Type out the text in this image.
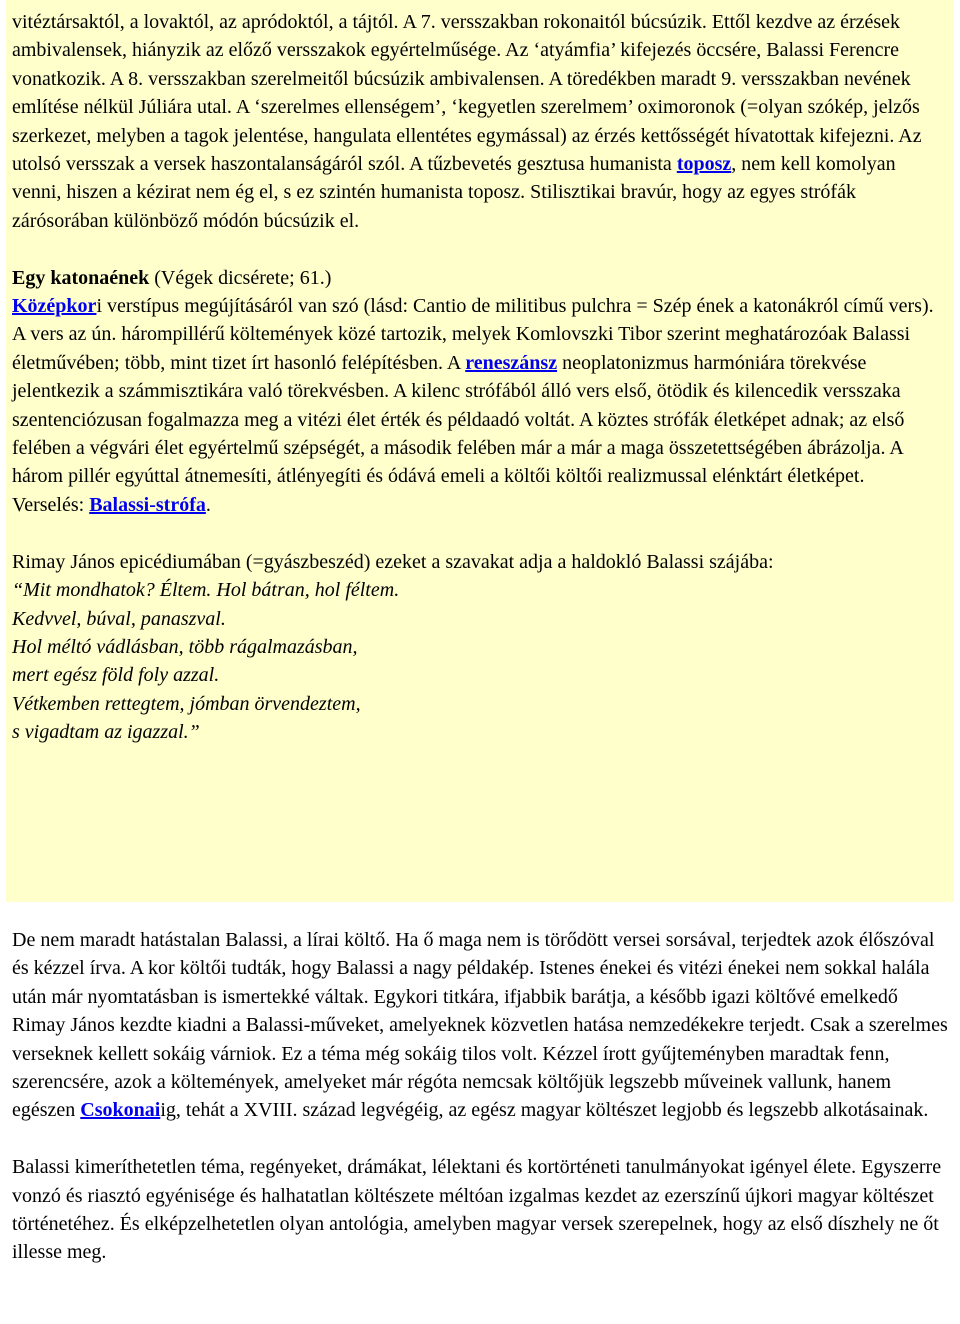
vitéztársaktól, a lovaktól, az apródoktól, a tájtól. A 7. versszakban rokonaitól búcsúzik. Ettől kezdve az érzések ambivalensek, hiányzik az előző versszakok egyértelműsége. Az ‘atyámfia’ kifejezés öccsére, Balassi Ferencre vonatkozik. A 8. versszakban szerelmeitől búcsúzik ambivalensen. A töredékben maradt 9. versszakban nevének említése nélkül Júliára utal. A ‘szerelmes ellenségem’, ‘kegyetlen szerelmem’ oximoronok (=olyan szókép, jelzős szerkezet, melyben a tagok jelentése, hangulata ellentétes egymással) az érzés kettősségét hívatottak kifejezni. Az utolsó versszak a versek haszontalanságáról szól. A tűzbevetés gesztusa humanista toposz, nem kell komolyan venni, hiszen a kézirat nem ég el, s ez szintén humanista toposz. Stilisztikai bravúr, hogy az egyes strófák zárósorában különböző módón búcsúzik el.

Egy katonaének (Végek dicsérete; 61.)

Középkori verstípus megújításáról van szó (lásd: Cantio de militibus pulchra = Szép ének a katonákról című vers). A vers az ún. hárompillérű költemények közé tartozik, melyek Komlovszki Tibor szerint meghatározóak Balassi életművében; több, mint tizet írt hasonló felépítésben. A reneszánsz neoplatonizmus harmóniára törekvése jelentkezik a számmisztikára való törekvésben. A kilenc strófából álló vers első, ötödik és kilencedik versszaka szentenciózusan fogalmazza meg a vitézi élet érték és példaadó voltát. A köztes strófák életképet adnak; az első felében a végvári élet egyértelmű szépségét, a második felében már a már a maga összetettségében ábrázolja. A három pillér egyúttal átnemesíti, átlényegíti és ódává emeli a költői költői realizmussal elénktárt életképet.

Verselés: Balassi-strófa.

Rimay János epicédiumában (=gyászbeszéd) ezeket a szavakat adja a haldokló Balassi szájába:

“Mit mondhatok? Éltem. Hol bátran, hol féltem.

Kedvvel, búval, panaszval.

Hol méltó vádlásban, több rágalmazásban,

mert egész föld foly azzal.

Vétkemben rettegtem, jómban örvendeztem,

s vigadtam az igazzal.”

De nem maradt hatástalan Balassi, a lírai költő. Ha ő maga nem is törődött versei sorsával, terjedtek azok élőszóval és kézzel írva. A kor költői tudták, hogy Balassi a nagy példakép. Istenes énekei és vitézi énekei nem sokkal halála után már nyomtatásban is ismertekké váltak. Egykori titkára, ifjabbik barátja, a később igazi költővé emelkedő Rimay János kezdte kiadni a Balassi-műveket, amelyeknek közvetlen hatása nemzedékekre terjedt. Csak a szerelmes verseknek kellett sokáig várniok. Ez a téma még sokáig tilos volt. Kézzel írott gyűjteményben maradtak fenn, szerencsére, azok a költemények, amelyeket már régóta nemcsak költőjük legszebb műveinek vallunk, hanem egészen Csokonaiig, tehát a XVIII. század legvégéig, az egész magyar költészet legjobb és legszebb alkotásainak.

Balassi kimeríthetetlen téma, regényeket, drámákat, lélektani és kortörténeti tanulmányokat igényel élete. Egyszerre vonzó és riasztó egyénisége és halhatatlan költészete méltóan izgalmas kezdet az ezerszínű újkori magyar költészet történetéhez. És elképzelhetetlen olyan antológia, amelyben magyar versek szerepelnek, hogy az első díszhely ne őt illesse meg.
